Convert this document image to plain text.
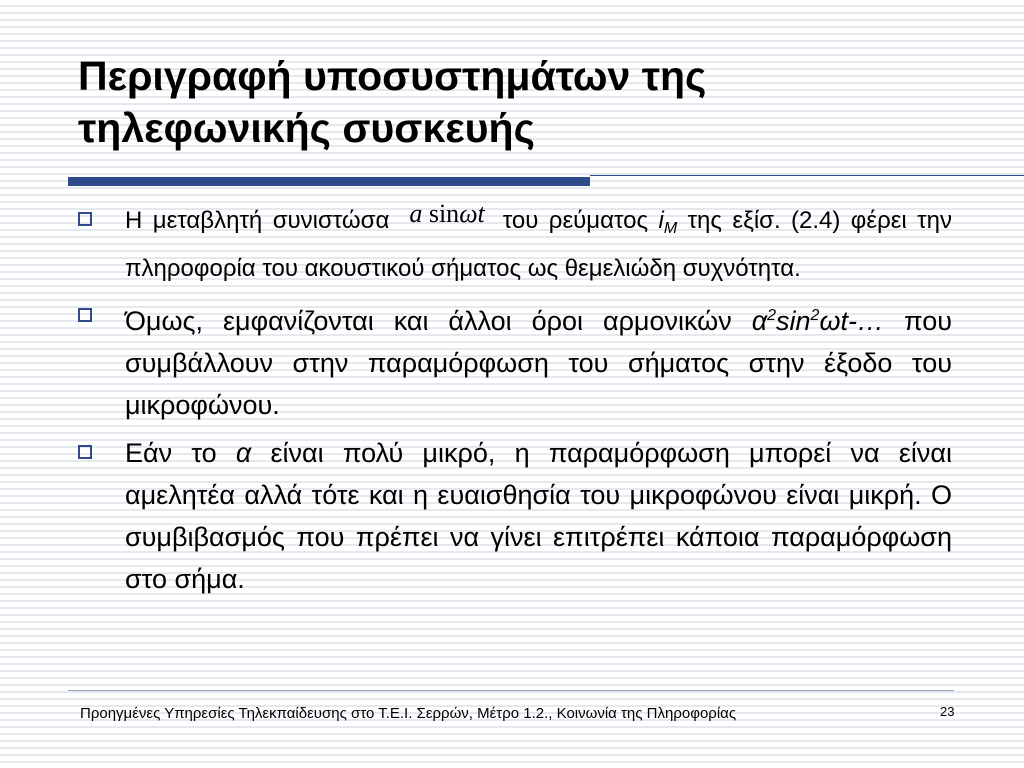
Περιγραφή υποσυστημάτων της
τηλεφωνικής συσκευής
Η μεταβλητή συνιστώσα a sinωt του ρεύματος $i_M$ της εξίσ. (2.4) φέρει την πληροφορία του ακουστικού σήματος ως θεμελιώδη συχνότητα.
Όμως, εμφανίζονται και άλλοι όροι αρμονικών $\alpha^2\sin^2\omega t-\dots$ που συμβάλλουν στην παραμόρφωση του σήματος στην έξοδο του μικροφώνου.
Εάν το α είναι πολύ μικρό, η παραμόρφωση μπορεί να είναι αμελητέα αλλά τότε και η ευαισθησία του μικροφώνου είναι μικρή. Ο συμβιβασμός που πρέπει να γίνει επιτρέπει κάποια παραμόρφωση στο σήμα.
Προηγμένες Υπηρεσίες Τηλεκπαίδευσης στο Τ.Ε.Ι. Σερρών, Μέτρο 1.2., Κοινωνία της Πληροφορίας	23
